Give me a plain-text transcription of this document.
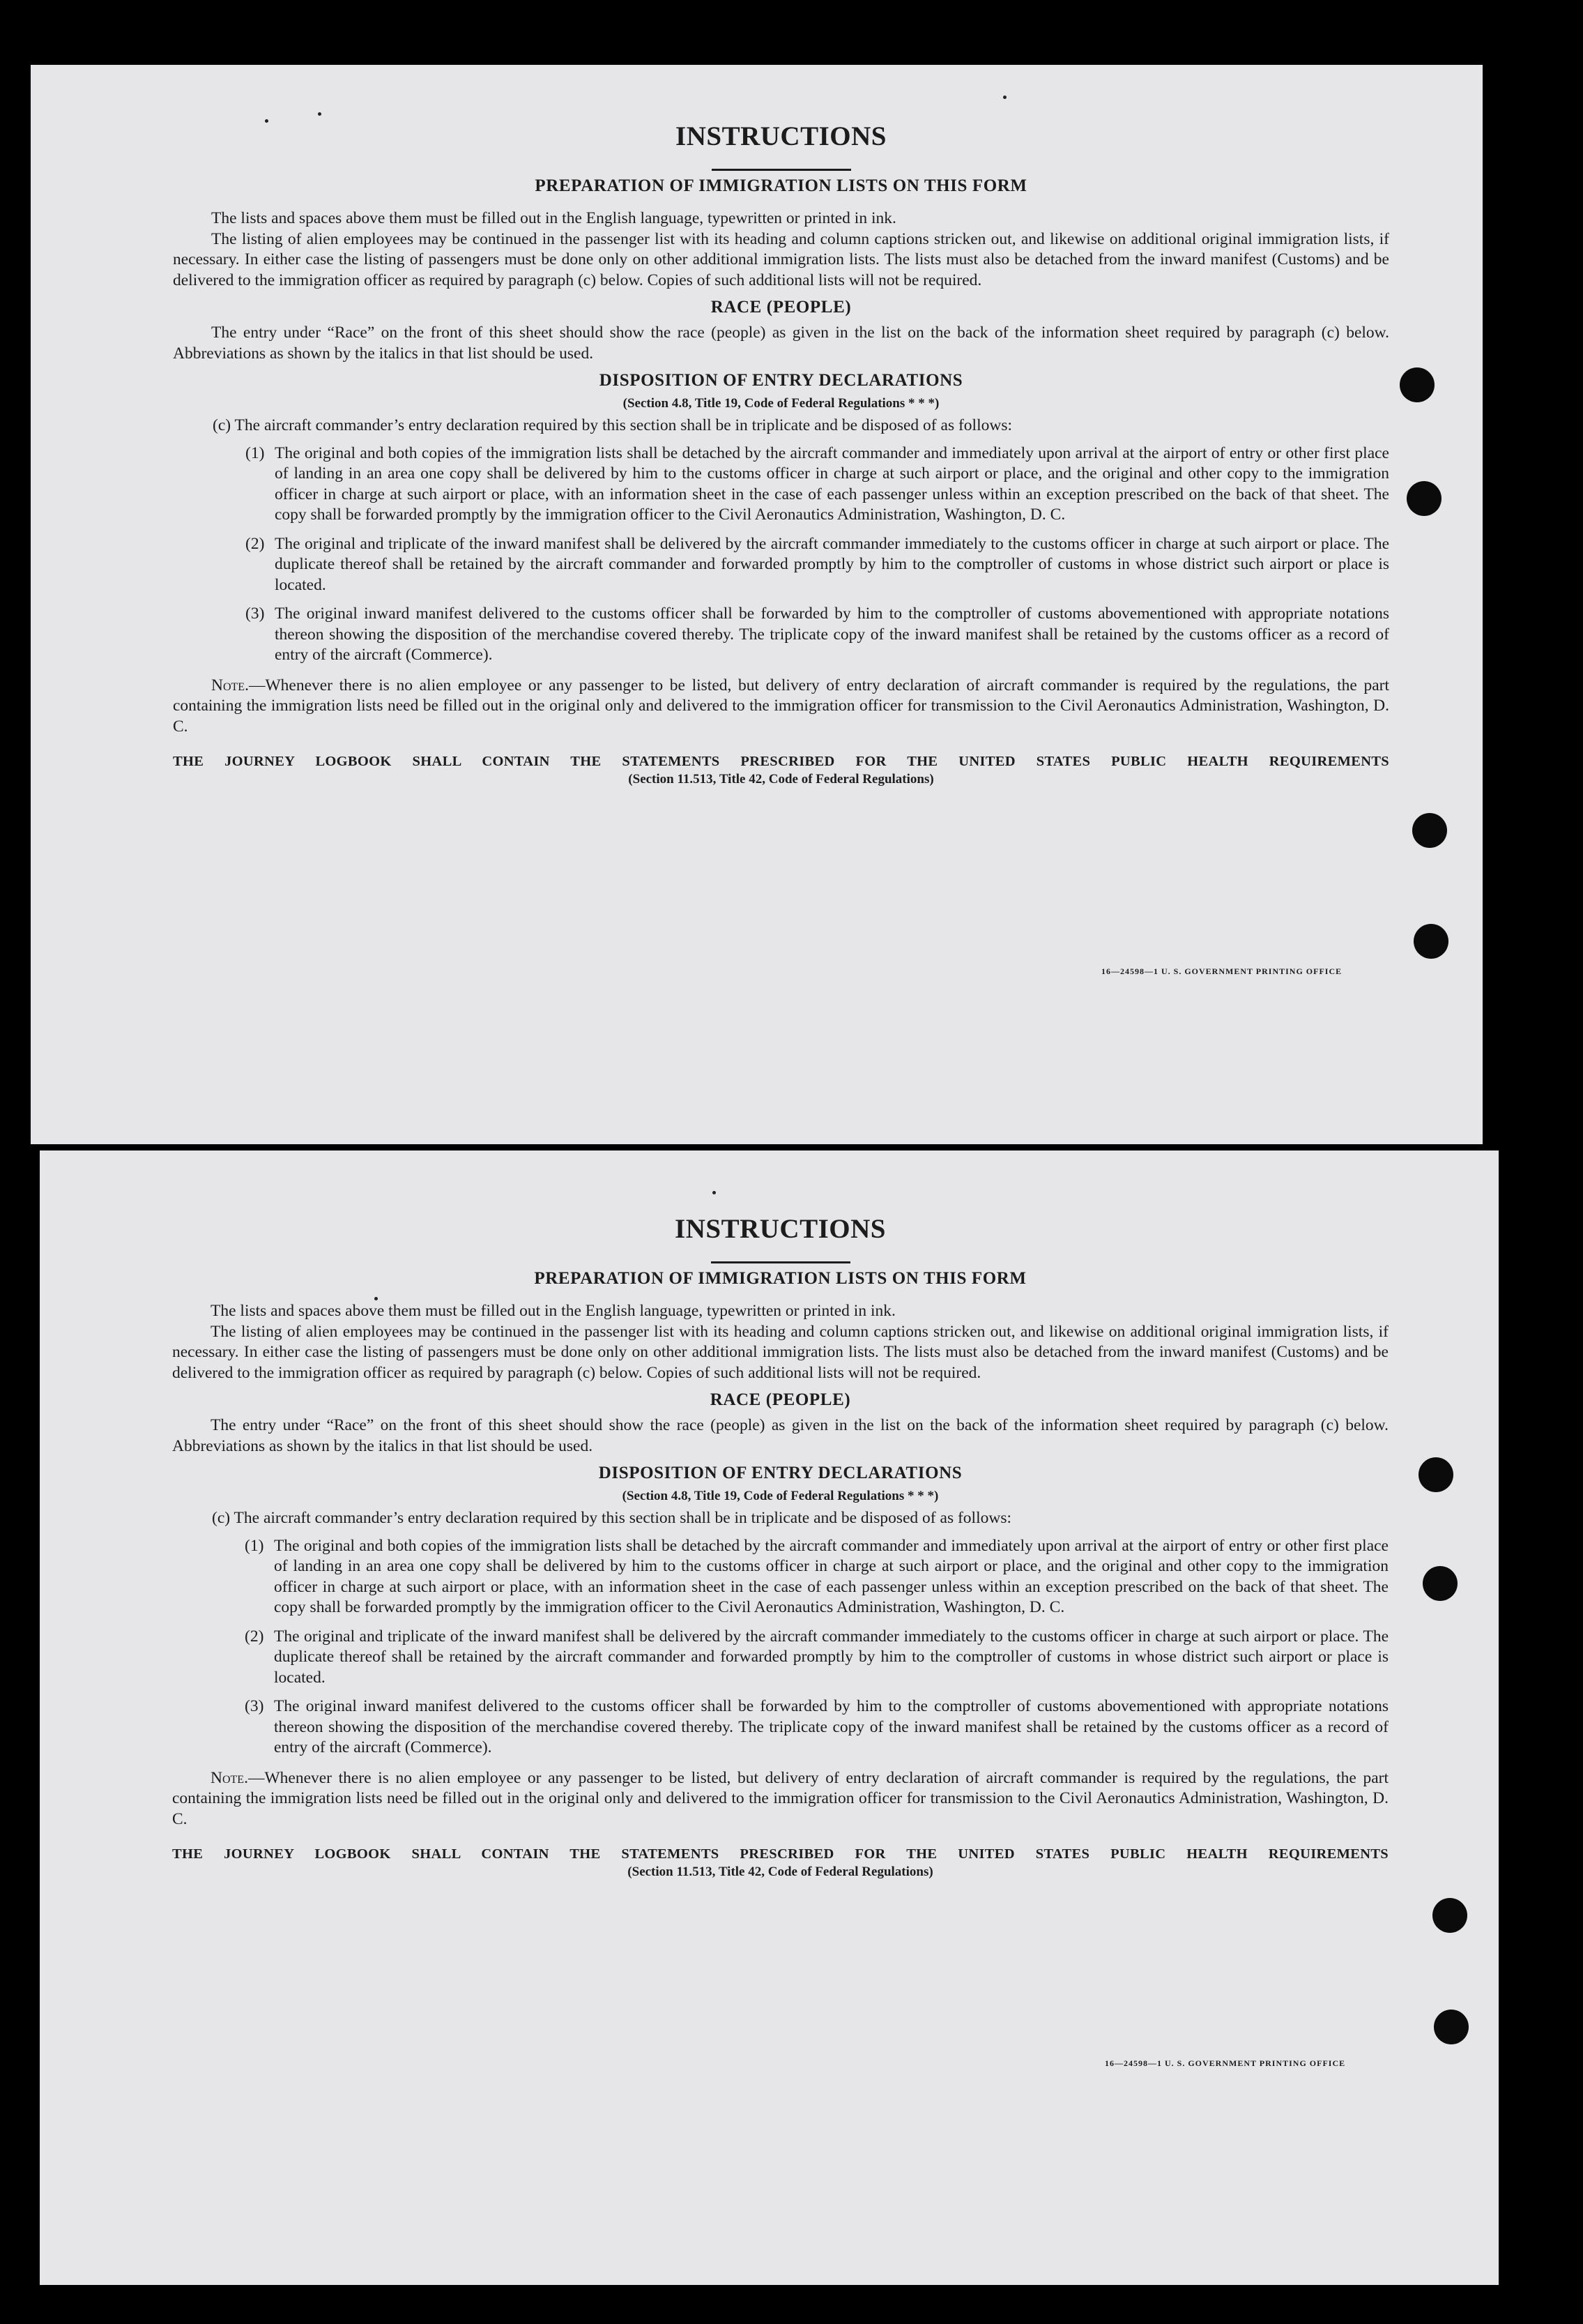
INSTRUCTIONS
PREPARATION OF IMMIGRATION LISTS ON THIS FORM

The lists and spaces above them must be filled out in the English language, typewritten or printed in ink.

The listing of alien employees may be continued in the passenger list with its heading and column captions stricken out, and likewise on additional original immigration lists, if necessary. In either case the listing of passengers must be done only on other additional immigration lists. The lists must also be detached from the inward manifest (Customs) and be delivered to the immigration officer as required by paragraph (c) below. Copies of such additional lists will not be required.

RACE (PEOPLE)

The entry under “Race” on the front of this sheet should show the race (people) as given in the list on the back of the information sheet required by paragraph (c) below. Abbreviations as shown by the italics in that list should be used.

DISPOSITION OF ENTRY DECLARATIONS
(Section 4.8, Title 19, Code of Federal Regulations * * *)

(c) The aircraft commander’s entry declaration required by this section shall be in triplicate and be disposed of as follows:

(1) The original and both copies of the immigration lists shall be detached by the aircraft commander and immediately upon arrival at the airport of entry or other first place of landing in an area one copy shall be delivered by him to the customs officer in charge at such airport or place, and the original and other copy to the immigration officer in charge at such airport or place, with an information sheet in the case of each passenger unless within an exception prescribed on the back of that sheet. The copy shall be forwarded promptly by the immigration officer to the Civil Aeronautics Administration, Washington, D. C.
(2) The original and triplicate of the inward manifest shall be delivered by the aircraft commander immediately to the customs officer in charge at such airport or place. The duplicate thereof shall be retained by the aircraft commander and forwarded promptly by him to the comptroller of customs in whose district such airport or place is located.
(3) The original inward manifest delivered to the customs officer shall be forwarded by him to the comptroller of customs abovementioned with appropriate notations thereon showing the disposition of the merchandise covered thereby. The triplicate copy of the inward manifest shall be retained by the customs officer as a record of entry of the aircraft (Commerce).

Note.—Whenever there is no alien employee or any passenger to be listed, but delivery of entry declaration of aircraft commander is required by the regulations, the part containing the immigration lists need be filled out in the original only and delivered to the immigration officer for transmission to the Civil Aeronautics Administration, Washington, D. C.

THE JOURNEY LOGBOOK SHALL CONTAIN THE STATEMENTS PRESCRIBED FOR THE UNITED STATES PUBLIC HEALTH REQUIREMENTS
(Section 11.513, Title 42, Code of Federal Regulations)
16—24598—1 U. S. GOVERNMENT PRINTING OFFICE
INSTRUCTIONS
PREPARATION OF IMMIGRATION LISTS ON THIS FORM

The lists and spaces above them must be filled out in the English language, typewritten or printed in ink.

The listing of alien employees may be continued in the passenger list with its heading and column captions stricken out, and likewise on additional original immigration lists, if necessary. In either case the listing of passengers must be done only on other additional immigration lists. The lists must also be detached from the inward manifest (Customs) and be delivered to the immigration officer as required by paragraph (c) below. Copies of such additional lists will not be required.

RACE (PEOPLE)

The entry under “Race” on the front of this sheet should show the race (people) as given in the list on the back of the information sheet required by paragraph (c) below. Abbreviations as shown by the italics in that list should be used.

DISPOSITION OF ENTRY DECLARATIONS
(Section 4.8, Title 19, Code of Federal Regulations * * *)

(c) The aircraft commander’s entry declaration required by this section shall be in triplicate and be disposed of as follows:

(1) The original and both copies of the immigration lists shall be detached by the aircraft commander and immediately upon arrival at the airport of entry or other first place of landing in an area one copy shall be delivered by him to the customs officer in charge at such airport or place, and the original and other copy to the immigration officer in charge at such airport or place, with an information sheet in the case of each passenger unless within an exception prescribed on the back of that sheet. The copy shall be forwarded promptly by the immigration officer to the Civil Aeronautics Administration, Washington, D. C.
(2) The original and triplicate of the inward manifest shall be delivered by the aircraft commander immediately to the customs officer in charge at such airport or place. The duplicate thereof shall be retained by the aircraft commander and forwarded promptly by him to the comptroller of customs in whose district such airport or place is located.
(3) The original inward manifest delivered to the customs officer shall be forwarded by him to the comptroller of customs abovementioned with appropriate notations thereon showing the disposition of the merchandise covered thereby. The triplicate copy of the inward manifest shall be retained by the customs officer as a record of entry of the aircraft (Commerce).

Note.—Whenever there is no alien employee or any passenger to be listed, but delivery of entry declaration of aircraft commander is required by the regulations, the part containing the immigration lists need be filled out in the original only and delivered to the immigration officer for transmission to the Civil Aeronautics Administration, Washington, D. C.

THE JOURNEY LOGBOOK SHALL CONTAIN THE STATEMENTS PRESCRIBED FOR THE UNITED STATES PUBLIC HEALTH REQUIREMENTS
(Section 11.513, Title 42, Code of Federal Regulations)
16—24598—1 U. S. GOVERNMENT PRINTING OFFICE
